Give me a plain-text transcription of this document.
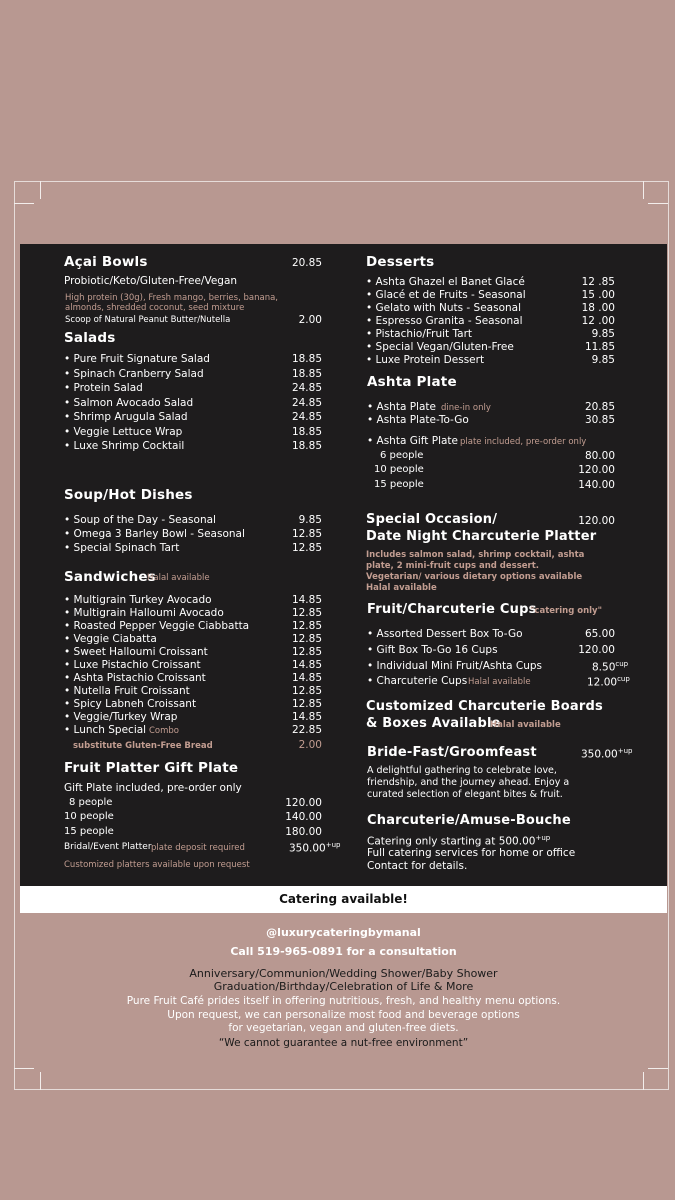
Açai Bowls	20.85
Probiotic/Keto/Gluten-Free/Vegan
High protein (30g), Fresh mango, berries, banana,
almonds, shredded coconut, seed mixture
Scoop of Natural Peanut Butter/Nutella	2.00
Salads
• Pure Fruit Signature Salad	18.85
• Spinach Cranberry Salad	18.85
• Protein Salad	24.85
• Salmon Avocado Salad	24.85
• Shrimp Arugula Salad	24.85
• Veggie Lettuce Wrap	18.85
• Luxe Shrimp Cocktail	18.85
Soup/Hot Dishes
• Soup of the Day - Seasonal	9.85
• Omega 3 Barley Bowl - Seasonal	12.85
• Special Spinach Tart	12.85
Sandwiches
Halal available
• Multigrain Turkey Avocado	14.85
• Multigrain Halloumi Avocado	12.85
• Roasted Pepper Veggie Ciabbatta	12.85
• Veggie Ciabatta	12.85
• Sweet Halloumi Croissant	12.85
• Luxe Pistachio Croissant	14.85
• Ashta Pistachio Croissant	14.85
• Nutella Fruit Croissant	12.85
• Spicy Labneh Croissant	12.85
• Veggie/Turkey Wrap	14.85
• Lunch Special Combo	22.85
substitute Gluten-Free Bread	2.00
Fruit Platter Gift Plate
Gift Plate included, pre-order only
8 people	120.00
10 people	140.00
15 people	180.00
Bridal/Event Platter plate deposit required	$350.00^{+up}$
Customized platters available upon request
Desserts
• Ashta Ghazel el Banet Glacé	12 .85
• Glacé et de Fruits - Seasonal	15 .00
• Gelato with Nuts - Seasonal	18 .00
• Espresso Granita - Seasonal	12 .00
• Pistachio/Fruit Tart	9.85
• Special Vegan/Gluten-Free	11.85
• Luxe Protein Dessert	9.85
Ashta Plate
• Ashta Plate dine-in only	20.85
• Ashta Plate-To-Go	30.85
• Ashta Gift Plate plate included, pre-order only
6 people	80.00
10 people	120.00
15 people	140.00
Special Occasion/	120.00
Date Night Charcuterie Platter
Includes salmon salad, shrimp cocktail, ashta
plate, 2 mini-fruit cups and dessert.
Vegetarian/ various dietary options available
Halal available
Fruit/Charcuterie Cups
"catering only"
• Assorted Dessert Box To-Go	65.00
• Gift Box To-Go 16 Cups	120.00
• Individual Mini Fruit/Ashta Cups	$8.50^{cup}$
• Charcuterie Cups Halal available	$12.00^{cup}$
Customized Charcuterie Boards
& Boxes Available
Halal available
Bride-Fast/Groomfeast	$350.00^{+up}$
A delightful gathering to celebrate love,
friendship, and the journey ahead. Enjoy a
curated selection of elegant bites & fruit.
Charcuterie/Amuse-Bouche
Catering only starting at $500.00^{+up}$
Full catering services for home or office
Contact for details.
Catering available!
@luxurycateringbymanal
Call 519-965-0891 for a consultation
Anniversary/Communion/Wedding Shower/Baby Shower
Graduation/Birthday/Celebration of Life & More
Pure Fruit Café prides itself in offering nutritious, fresh, and healthy menu options.
Upon request, we can personalize most food and beverage options
for vegetarian, vegan and gluten-free diets.
“We cannot guarantee a nut-free environment”
